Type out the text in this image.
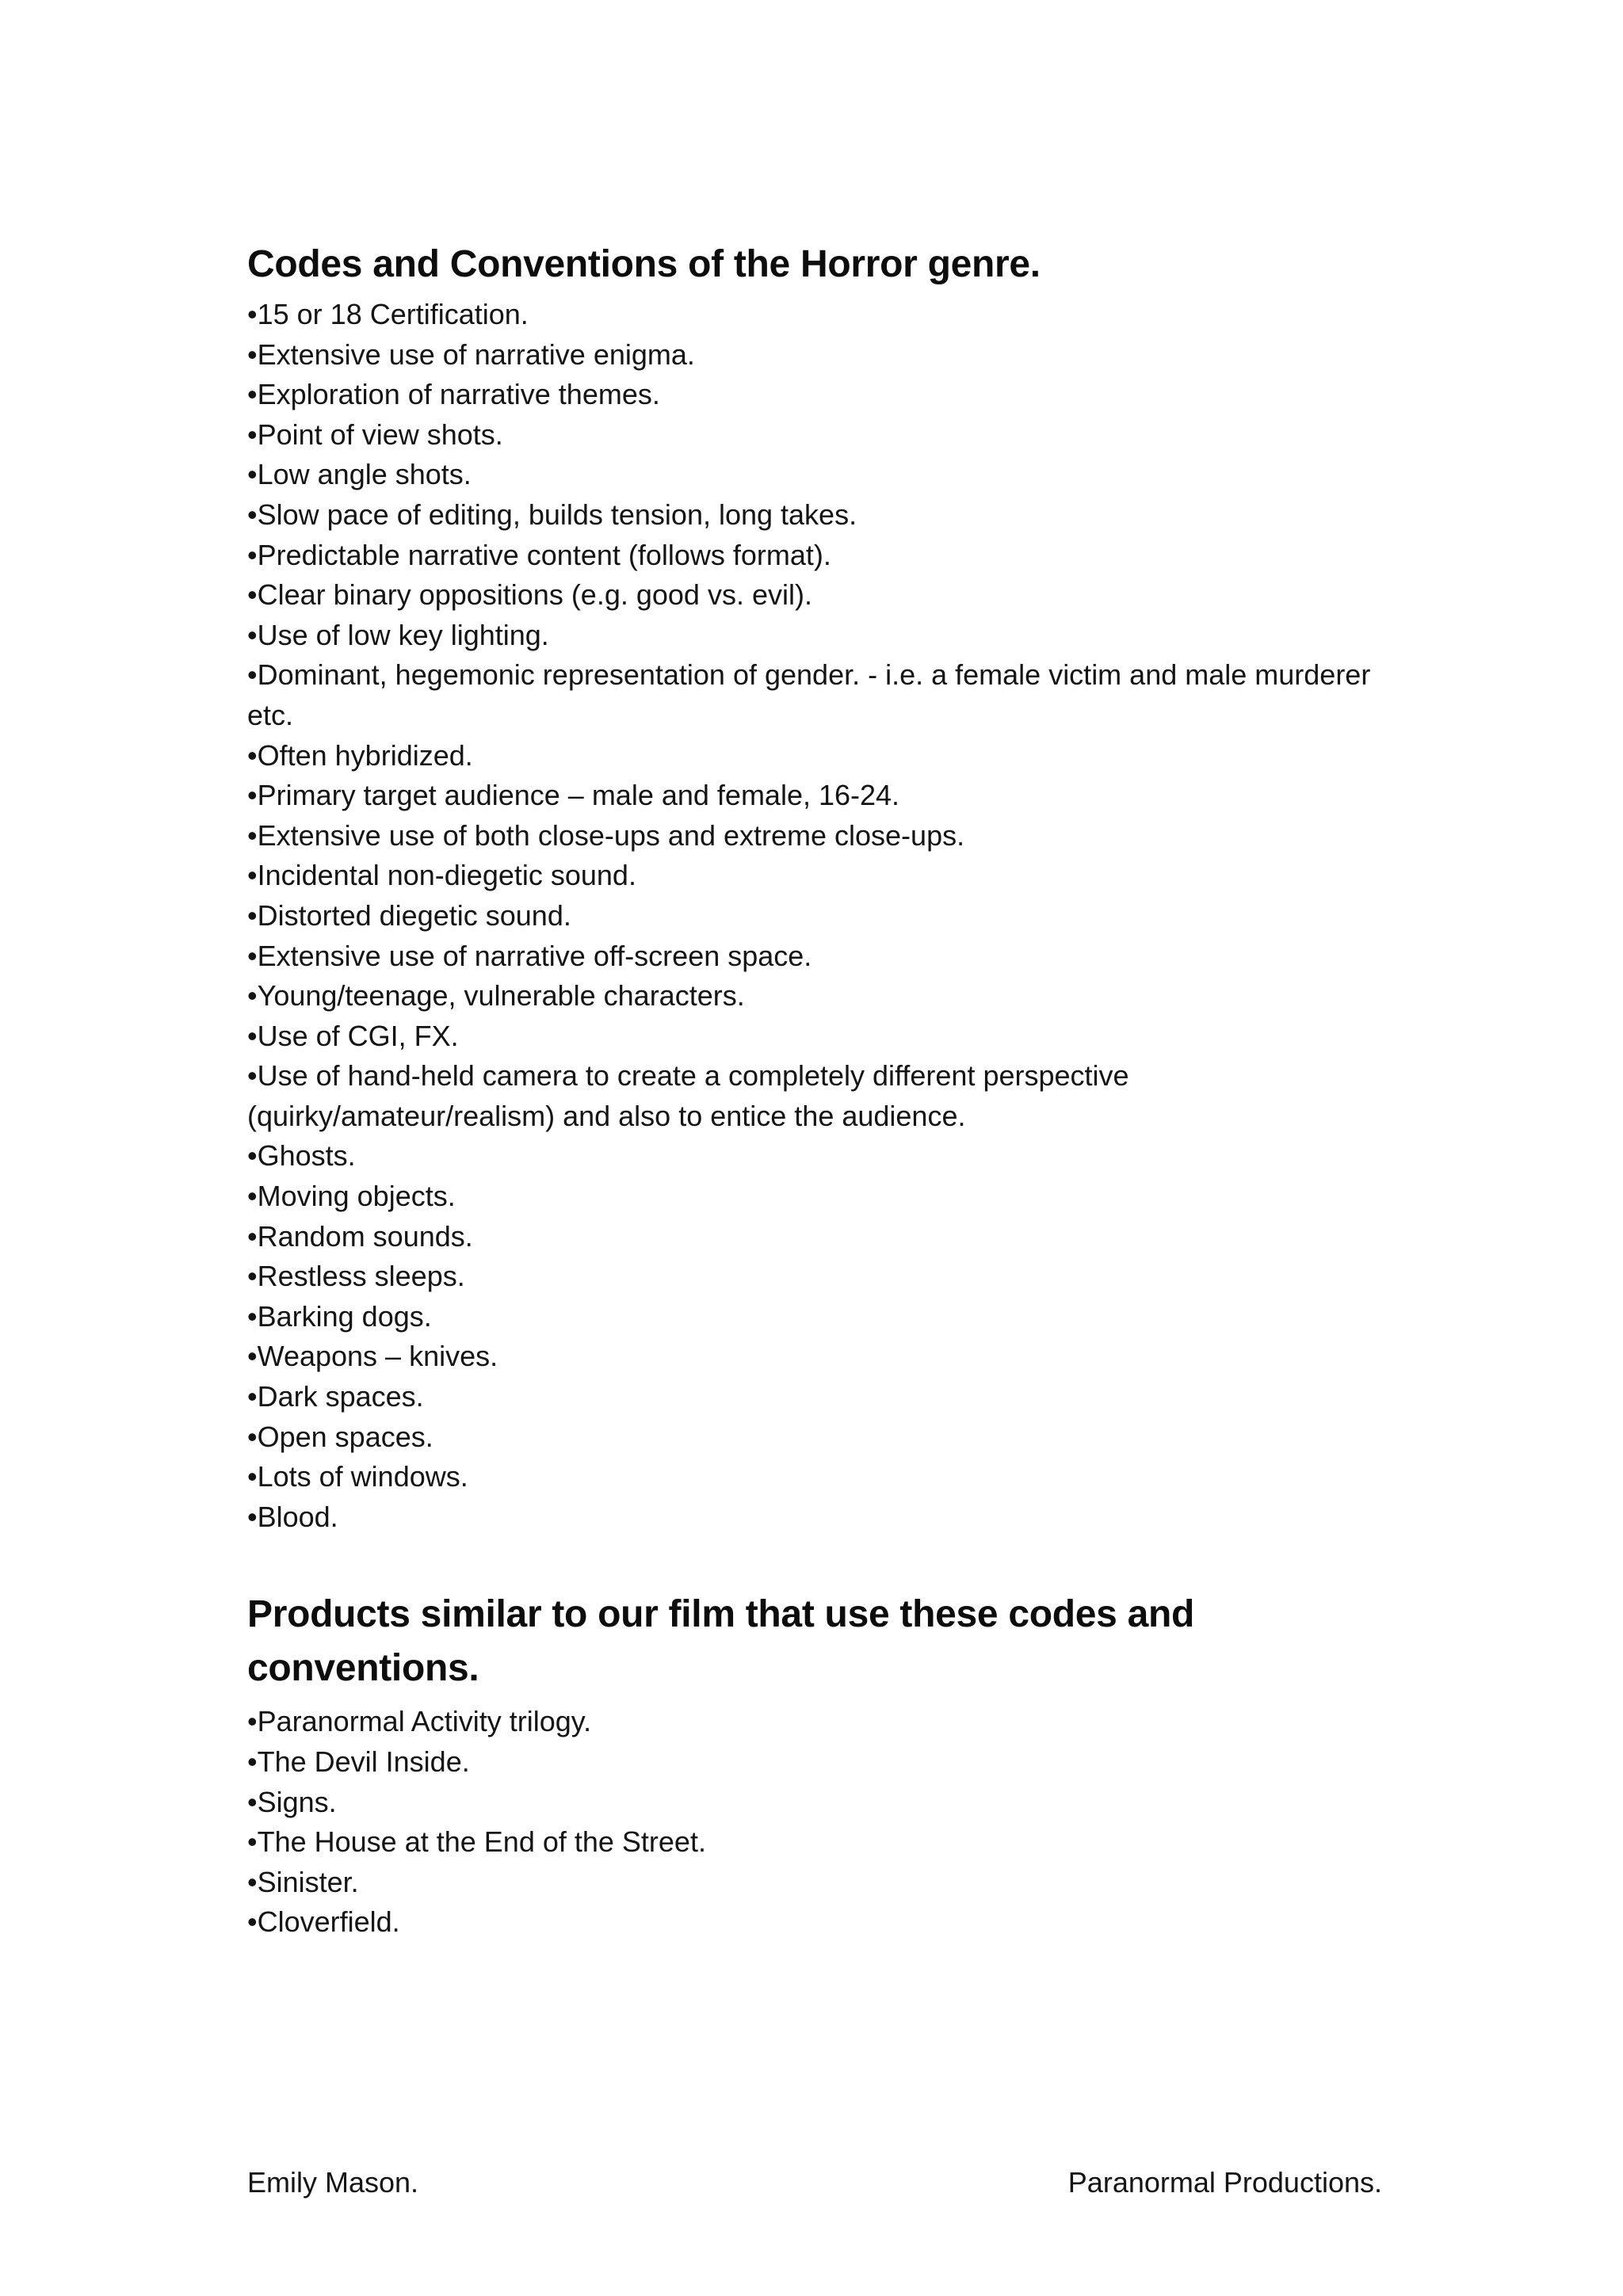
Codes and Conventions of the Horror genre.
•15 or 18 Certification.
•Extensive use of narrative enigma.
•Exploration of narrative themes.
•Point of view shots.
•Low angle shots.
•Slow pace of editing, builds tension, long takes.
•Predictable narrative content (follows format).
•Clear binary oppositions (e.g. good vs. evil).
•Use of low key lighting.
•Dominant, hegemonic representation of gender. - i.e. a female victim and male murderer etc.
•Often hybridized.
•Primary target audience – male and female, 16-24.
•Extensive use of both close-ups and extreme close-ups.
•Incidental non-diegetic sound.
•Distorted diegetic sound.
•Extensive use of narrative off-screen space.
•Young/teenage, vulnerable characters.
•Use of CGI, FX.
•Use of hand-held camera to create a completely different perspective (quirky/amateur/realism) and also to entice the audience.
•Ghosts.
•Moving objects.
•Random sounds.
•Restless sleeps.
•Barking dogs.
•Weapons – knives.
•Dark spaces.
•Open spaces.
•Lots of windows.
•Blood.
Products similar to our film that use these codes and conventions.
•Paranormal Activity trilogy.
•The Devil Inside.
•Signs.
•The House at the End of the Street.
•Sinister.
•Cloverfield.
Emily Mason.	Paranormal Productions.
